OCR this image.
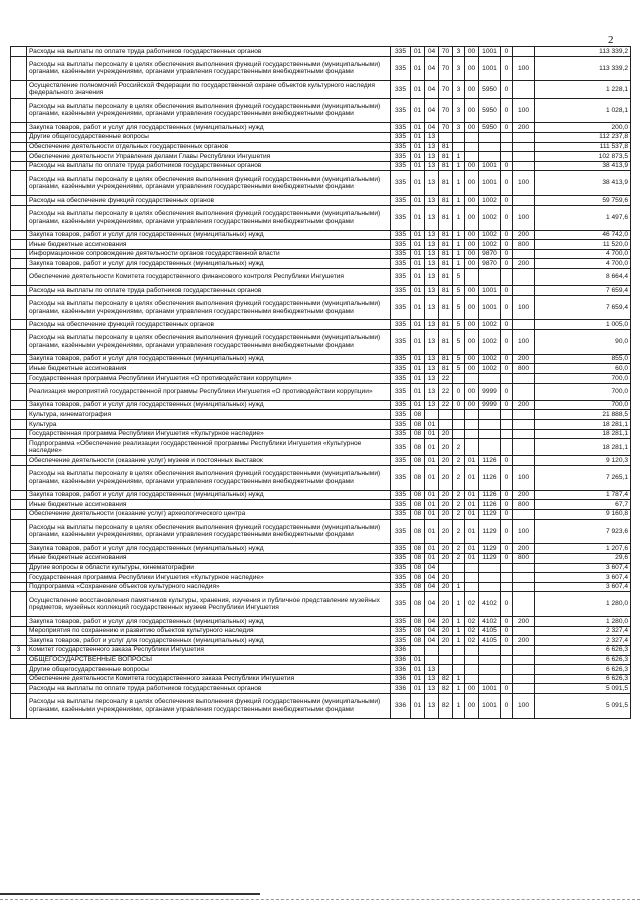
2
	Расходы на выплаты по оплате труда работников государственных органов	335	01	04	70	3	00	1001	0		113 339,2
	Расходы на выплаты персоналу в целях обеспечения выполнения функций государственными (муниципальными) органами, казёнными учреждениями, органами управления государственными внебюджетными фондами	335	01	04	70	3	00	1001	0	100	113 339,2
	Осуществление полномочий Российской Федерации по государственной охране объектов культурного наследия федерального значения	335	01	04	70	3	00	5950	0		1 228,1
	Расходы на выплаты персоналу в целях обеспечения выполнения функций государственными (муниципальными) органами, казёнными учреждениями, органами управления государственными внебюджетными фондами	335	01	04	70	3	00	5950	0	100	1 028,1
	Закупка товаров, работ и услуг для государственных (муниципальных) нужд	335	01	04	70	3	00	5950	0	200	200,0
	Другие общегосударственные вопросы	335	01	13							112 237,8
	Обеспечение деятельности отдельных государственных органов	335	01	13	81						111 537,8
	Обеспечение деятельности Управления делами Главы Республики Ингушетия	335	01	13	81	1					102 873,5
	Расходы на выплаты по оплате труда работников государственных органов	335	01	13	81	1	00	1001	0		38 413,9
	Расходы на выплаты персоналу в целях обеспечения выполнения функций государственными (муниципальными) органами, казёнными учреждениями, органами управления государственными внебюджетными фондами	335	01	13	81	1	00	1001	0	100	38 413,9
	Расходы на обеспечение функций государственных органов	335	01	13	81	1	00	1002	0		59 759,6
	Расходы на выплаты персоналу в целях обеспечения выполнения функций государственными (муниципальными) органами, казёнными учреждениями, органами управления государственными внебюджетными фондами	335	01	13	81	1	00	1002	0	100	1 497,6
	Закупка товаров, работ и услуг для государственных (муниципальных) нужд	335	01	13	81	1	00	1002	0	200	46 742,0
	Иные бюджетные ассигнования	335	01	13	81	1	00	1002	0	800	11 520,0
	Информационное сопровождение деятельности органов государственной власти	335	01	13	81	1	00	9870	0		4 700,0
	Закупка товаров, работ и услуг для государственных (муниципальных) нужд	335	01	13	81	1	00	9870	0	200	4 700,0
	Обеспечение деятельности Комитета государственного финансового контроля Республики Ингушетия	335	01	13	81	5					8 664,4
	Расходы на выплаты по оплате труда работников государственных органов	335	01	13	81	5	00	1001	0		7 659,4
	Расходы на выплаты персоналу в целях обеспечения выполнения функций государственными (муниципальными) органами, казёнными учреждениями, органами управления государственными внебюджетными фондами	335	01	13	81	5	00	1001	0	100	7 659,4
	Расходы на обеспечение функций государственных органов	335	01	13	81	5	00	1002	0		1 005,0
	Расходы на выплаты персоналу в целях обеспечения выполнения функций государственными (муниципальными) органами, казёнными учреждениями, органами управления государственными внебюджетными фондами	335	01	13	81	5	00	1002	0	100	90,0
	Закупка товаров, работ и услуг для государственных (муниципальных) нужд	335	01	13	81	5	00	1002	0	200	855,0
	Иные бюджетные ассигнования	335	01	13	81	5	00	1002	0	800	60,0
	Государственная программа Республики Ингушетия «О противодействии коррупции»	335	01	13	22						700,0
	Реализация мероприятий государственной программы Республики Ингушетия «О противодействии коррупции»	335	01	13	22	0	00	9999	0		700,0
	Закупка товаров, работ и услуг для государственных (муниципальных) нужд	335	01	13	22	0	00	9999	0	200	700,0
	Культура, кинематография	335	08								21 888,5
	Культура	335	08	01							18 281,1
	Государственная программа Республики Ингушетия «Культурное наследие»	335	08	01	20						18 281,1
	Подпрограмма «Обеспечение реализации государственной программы Республики Ингушетия «Культурное наследие»	335	08	01	20	2					18 281,1
	Обеспечение деятельности (оказание услуг) музеев и постоянных выставок	335	08	01	20	2	01	1126	0		9 120,3
	Расходы на выплаты персоналу в целях обеспечения выполнения функций государственными (муниципальными) органами, казёнными учреждениями, органами управления государственными внебюджетными фондами	335	08	01	20	2	01	1126	0	100	7 265,1
	Закупка товаров, работ и услуг для государственных (муниципальных) нужд	335	08	01	20	2	01	1126	0	200	1 787,4
	Иные бюджетные ассигнования	335	08	01	20	2	01	1126	0	800	67,7
	Обеспечение деятельности (оказание услуг) археологического центра	335	08	01	20	2	01	1129	0		9 160,8
	Расходы на выплаты персоналу в целях обеспечения выполнения функций государственными (муниципальными) органами, казёнными учреждениями, органами управления государственными внебюджетными фондами	335	08	01	20	2	01	1129	0	100	7 923,6
	Закупка товаров, работ и услуг для государственных (муниципальных) нужд	335	08	01	20	2	01	1129	0	200	1 207,6
	Иные бюджетные ассигнования	335	08	01	20	2	01	1129	0	800	29,6
	Другие вопросы в области культуры, кинематографии	335	08	04							3 607,4
	Государственная программа Республики Ингушетия «Культурное наследие»	335	08	04	20						3 607,4
	Подпрограмма «Сохранение объектов культурного наследия»	335	08	04	20	1					3 607,4
	Осуществление восстановления памятников культуры, хранения, изучения и публичное представление музейных предметов, музейных коллекций государственных музеев Республики Ингушетия	335	08	04	20	1	02	4102	0		1 280,0
	Закупка товаров, работ и услуг для государственных (муниципальных) нужд	335	08	04	20	1	02	4102	0	200	1 280,0
	Мероприятия по сохранению и развитию объектов культурного наследия	335	08	04	20	1	02	4105	0		2 327,4
	Закупка товаров, работ и услуг для государственных (муниципальных) нужд	335	08	04	20	1	02	4105	0	200	2 327,4
3	Комитет государственного заказа Республики Ингушетия	336									6 626,3
	ОБЩЕГОСУДАРСТВЕННЫЕ ВОПРОСЫ	336	01								6 626,3
	Другие общегосударственные вопросы	336	01	13							6 626,3
	Обеспечение деятельности Комитета государственного заказа Республики Ингушетия	336	01	13	82	1					6 626,3
	Расходы на выплаты по оплате труда работников государственных органов	336	01	13	82	1	00	1001	0		5 091,5
	Расходы на выплаты персоналу в целях обеспечения выполнения функций государственными (муниципальными) органами, казёнными учреждениями, органами управления государственными внебюджетными фондами	336	01	13	82	1	00	1001	0	100	5 091,5
